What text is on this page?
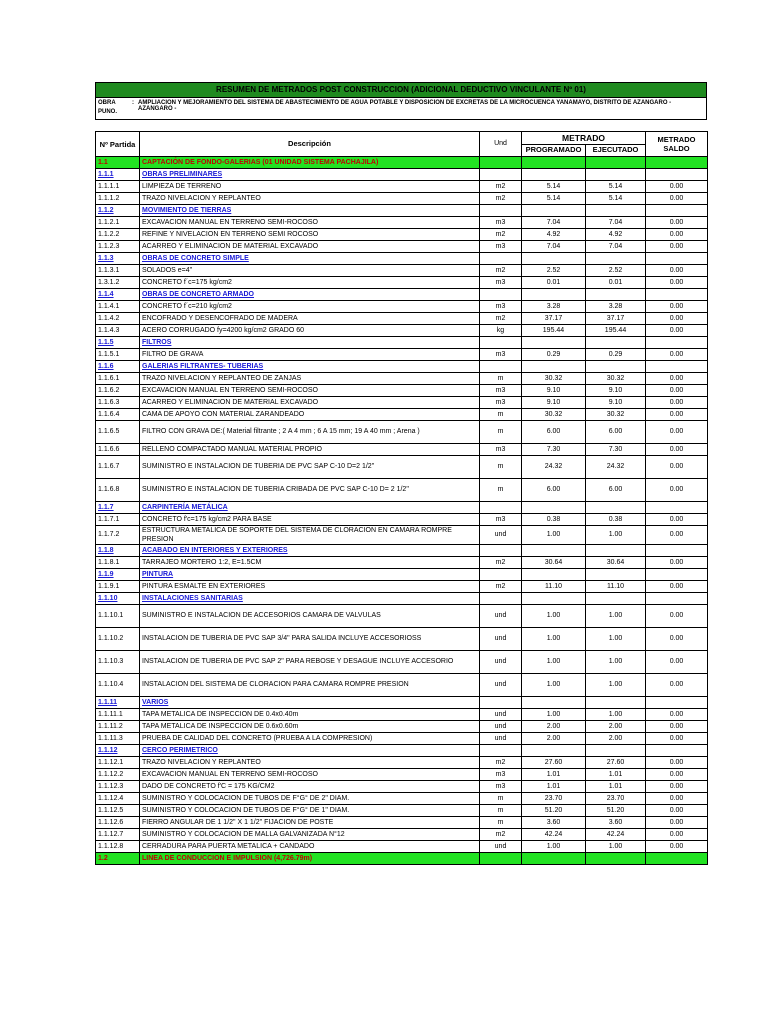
RESUMEN DE METRADOS POST CONSTRUCCION (ADICIONAL DEDUCTIVO VINCULANTE Nº 01)
OBRA	: AMPLIACION Y MEJORAMIENTO DEL SISTEMA DE ABASTECIMIENTO DE AGUA POTABLE Y DISPOSICION DE EXCRETAS DE LA MICROCUENCA YANAMAYO, DISTRITO DE AZANGARO - AZANGARO -
PUNO.
Nº Partida	Descripción	Und	METRADO		METRADO SALDO
			PROGRAMADO	EJECUTADO	
1.1	CAPTACIÓN DE FONDO-GALERIAS (01 UNIDAD SISTEMA PACHAJILA)				
1.1.1	OBRAS PRELIMINARES				
1.1.1.1	LIMPIEZA DE TERRENO	m2	5.14	5.14	0.00
1.1.1.2	TRAZO NIVELACION Y REPLANTEO	m2	5.14	5.14	0.00
1.1.2	MOVIMIENTO DE TIERRAS				
1.1.2.1	EXCAVACION MANUAL EN TERRENO SEMI-ROCOSO	m3	7.04	7.04	0.00
1.1.2.2	REFINE Y NIVELACION EN TERRENO SEMI ROCOSO	m2	4.92	4.92	0.00
1.1.2.3	ACARREO Y ELIMINACION DE MATERIAL EXCAVADO	m3	7.04	7.04	0.00
1.1.3	OBRAS DE CONCRETO SIMPLE				
1.1.3.1	SOLADOS e=4"	m2	2.52	2.52	0.00
1.3.1.2	CONCRETO f´c=175 kg/cm2	m3	0.01	0.01	0.00
1.1.4	OBRAS DE CONCRETO ARMADO				
1.1.4.1	CONCRETO f´c=210 kg/cm2	m3	3.28	3.28	0.00
1.1.4.2	ENCOFRADO Y DESENCOFRADO DE MADERA	m2	37.17	37.17	0.00
1.1.4.3	ACERO CORRUGADO fy=4200 kg/cm2 GRADO 60	kg	195.44	195.44	0.00
1.1.5	FILTROS				
1.1.5.1	FILTRO DE GRAVA	m3	0.29	0.29	0.00
1.1.6	GALERIAS FILTRANTES- TUBERIAS				
1.1.6.1	TRAZO NIVELACION Y REPLANTEO DE ZANJAS	m	30.32	30.32	0.00
1.1.6.2	EXCAVACION MANUAL EN TERRENO SEMI-ROCOSO	m3	9.10	9.10	0.00
1.1.6.3	ACARREO Y ELIMINACION DE MATERIAL EXCAVADO	m3	9.10	9.10	0.00
1.1.6.4	CAMA DE APOYO CON MATERIAL ZARANDEADO	m	30.32	30.32	0.00
1.1.6.5	FILTRO CON GRAVA DE:( Material filtrante ; 2 A 4 mm ; 6 A 15 mm; 19 A 40 mm ; Arena )	m	6.00	6.00	0.00
1.1.6.6	RELLENO COMPACTADO MANUAL MATERIAL PROPIO	m3	7.30	7.30	0.00
1.1.6.7	SUMINISTRO E INSTALACION DE TUBERIA DE PVC SAP C-10 D=2 1/2"	m	24.32	24.32	0.00
1.1.6.8	SUMINISTRO E INSTALACION DE TUBERIA CRIBADA DE PVC SAP C-10 D= 2 1/2"	m	6.00	6.00	0.00
1.1.7	CARPINTERÍA METÁLICA				
1.1.7.1	CONCRETO f'c=175 kg/cm2 PARA BASE	m3	0.38	0.38	0.00
1.1.7.2	ESTRUCTURA METALICA DE SOPORTE DEL SISTEMA DE CLORACION EN CAMARA ROMPRE PRESION	und	1.00	1.00	0.00
1.1.8	ACABADO EN INTERIORES Y EXTERIORES				
1.1.8.1	TARRAJEO MORTERO 1:2, E=1.5CM	m2	30.64	30.64	0.00
1.1.9	PINTURA				
1.1.9.1	PINTURA ESMALTE EN EXTERIORES	m2	11.10	11.10	0.00
1.1.10	INSTALACIONES SANITARIAS				
1.1.10.1	SUMINISTRO E INSTALACION DE ACCESORIOS CAMARA DE VALVULAS	und	1.00	1.00	0.00
1.1.10.2	INSTALACION DE TUBERIA DE PVC SAP 3/4" PARA SALIDA INCLUYE ACCESORIOSS	und	1.00	1.00	0.00
1.1.10.3	INSTALACION DE TUBERIA DE PVC SAP 2" PARA REBOSE Y DESAGUE INCLUYE ACCESORIO	und	1.00	1.00	0.00
1.1.10.4	INSTALACION DEL SISTEMA DE CLORACION PARA CAMARA ROMPRE PRESION	und	1.00	1.00	0.00
1.1.11	VARIOS				
1.1.11.1	TAPA METALICA DE INSPECCION DE 0.4x0.40m	und	1.00	1.00	0.00
1.1.11.2	TAPA METALICA DE INSPECCION DE 0.6x0.60m	und	2.00	2.00	0.00
1.1.11.3	PRUEBA DE CALIDAD DEL CONCRETO (PRUEBA A LA COMPRESION)	und	2.00	2.00	0.00
1.1.12	CERCO PERIMETRICO				
1.1.12.1	TRAZO NIVELACION Y REPLANTEO	m2	27.60	27.60	0.00
1.1.12.2	EXCAVACION MANUAL EN TERRENO SEMI-ROCOSO	m3	1.01	1.01	0.00
1.1.12.3	DADO DE CONCRETO f'C = 175 KG/CM2	m3	1.01	1.01	0.00
1.1.12.4	SUMINISTRO Y COLOCACION DE TUBOS DE F°G° DE 2" DIAM.	m	23.70	23.70	0.00
1.1.12.5	SUMINISTRO Y COLOCACION DE TUBOS DE F°G° DE 1" DIAM.	m	51.20	51.20	0.00
1.1.12.6	FIERRO ANGULAR DE 1 1/2" X 1 1/2" FIJACION DE POSTE	m	3.60	3.60	0.00
1.1.12.7	SUMINISTRO Y COLOCACION DE MALLA GALVANIZADA N°12	m2	42.24	42.24	0.00
1.1.12.8	CERRADURA PARA PUERTA METALICA + CANDADO	und	1.00	1.00	0.00
1.2	LINEA DE CONDUCCION E IMPULSION (4,726.79m)				
